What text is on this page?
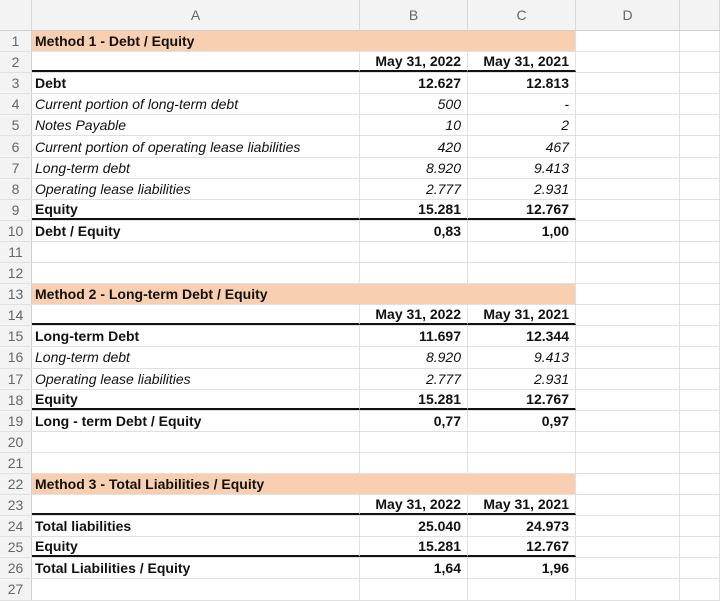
A	B	C	D
1	Method 1 - Debt / Equity
2	May 31, 2022	May 31, 2021
3	Debt	12.627	12.813
4	Current portion of long-term debt	500	-
5	Notes Payable	10	2
6	Current portion of operating lease liabilities	420	467
7	Long-term debt	8.920	9.413
8	Operating lease liabilities	2.777	2.931
9	Equity	15.281	12.767
10 Debt / Equity	0,83	1,00
11
12
13 Method 2 - Long-term Debt / Equity
14	May 31, 2022	May 31, 2021
15 Long-term Debt	11.697	12.344
16 Long-term debt	8.920	9.413
17 Operating lease liabilities	2.777	2.931
18 Equity	15.281	12.767
19 Long - term Debt / Equity	0,77	0,97
20
21
22 Method 3 - Total Liabilities / Equity
23	May 31, 2022	May 31, 2021
24 Total liabilities	25.040	24.973
25 Equity	15.281	12.767
26 Total Liabilities / Equity	1,64	1,96
27
